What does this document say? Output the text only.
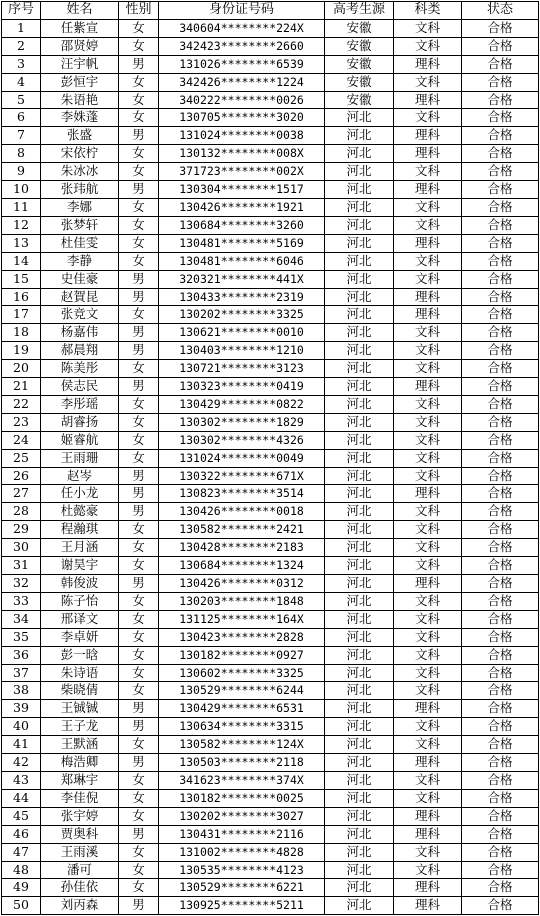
序号	姓名	性别	身份证号码	高考生源	科类	状态
1	任紫宣	女	340604********224X	安徽	文科	合格
2	邵贤婷	女	342423********2660	安徽	文科	合格
3	汪宇帆	男	131026********6539	安徽	理科	合格
4	彭恒宇	女	342426********1224	安徽	文科	合格
5	朱语艳	女	340222********0026	安徽	理科	合格
6	李姝蓬	女	130705********3020	河北	文科	合格
7	张盛	男	131024********0038	河北	理科	合格
8	宋依柠	女	130132********008X	河北	理科	合格
9	朱冰冰	女	371723********002X	河北	文科	合格
10	张玮航	男	130304********1517	河北	理科	合格
11	李娜	女	130426********1921	河北	文科	合格
12	张梦轩	女	130684********3260	河北	文科	合格
13	杜佳雯	女	130481********5169	河北	理科	合格
14	李静	女	130481********6046	河北	文科	合格
15	史佳豪	男	320321********441X	河北	文科	合格
16	赵賀昆	男	130433********2319	河北	理科	合格
17	张竞文	女	130202********3325	河北	理科	合格
18	杨嘉伟	男	130621********0010	河北	文科	合格
19	郝晨翔	男	130403********1210	河北	文科	合格
20	陈美彤	女	130721********3123	河北	文科	合格
21	侯志民	男	130323********0419	河北	理科	合格
22	李彤瑶	女	130429********0822	河北	文科	合格
23	胡睿扬	女	130302********1829	河北	文科	合格
24	姬睿航	女	130302********4326	河北	文科	合格
25	王雨珊	女	131024********0049	河北	文科	合格
26	赵岑	男	130322********671X	河北	文科	合格
27	任小龙	男	130823********3514	河北	理科	合格
28	杜懿豪	男	130426********0018	河北	文科	合格
29	程瀚琪	女	130582********2421	河北	文科	合格
30	王月涵	女	130428********2183	河北	文科	合格
31	谢昊宇	女	130684********1324	河北	文科	合格
32	韩俊波	男	130426********0312	河北	理科	合格
33	陈子怡	女	130203********1848	河北	文科	合格
34	邢译文	女	131125********164X	河北	文科	合格
35	李卓妍	女	130423********2828	河北	文科	合格
36	彭一晗	女	130182********0927	河北	文科	合格
37	朱诗语	女	130602********3325	河北	文科	合格
38	柴晓倩	女	130529********6244	河北	文科	合格
39	王铖铖	男	130429********6531	河北	理科	合格
40	王子龙	男	130634********3315	河北	文科	合格
41	王默涵	女	130582********124X	河北	文科	合格
42	梅浩卿	男	130503********2118	河北	理科	合格
43	郑琳宇	女	341623********374X	河北	文科	合格
44	李佳倪	女	130182********0025	河北	文科	合格
45	张宇婷	女	130202********3027	河北	理科	合格
46	贾奥科	男	130431********2116	河北	理科	合格
47	王雨溪	女	131002********4828	河北	文科	合格
48	潘可	女	130535********4123	河北	文科	合格
49	孙佳依	女	130529********6221	河北	理科	合格
50	刘丙森	男	130925********5211	河北	理科	合格
